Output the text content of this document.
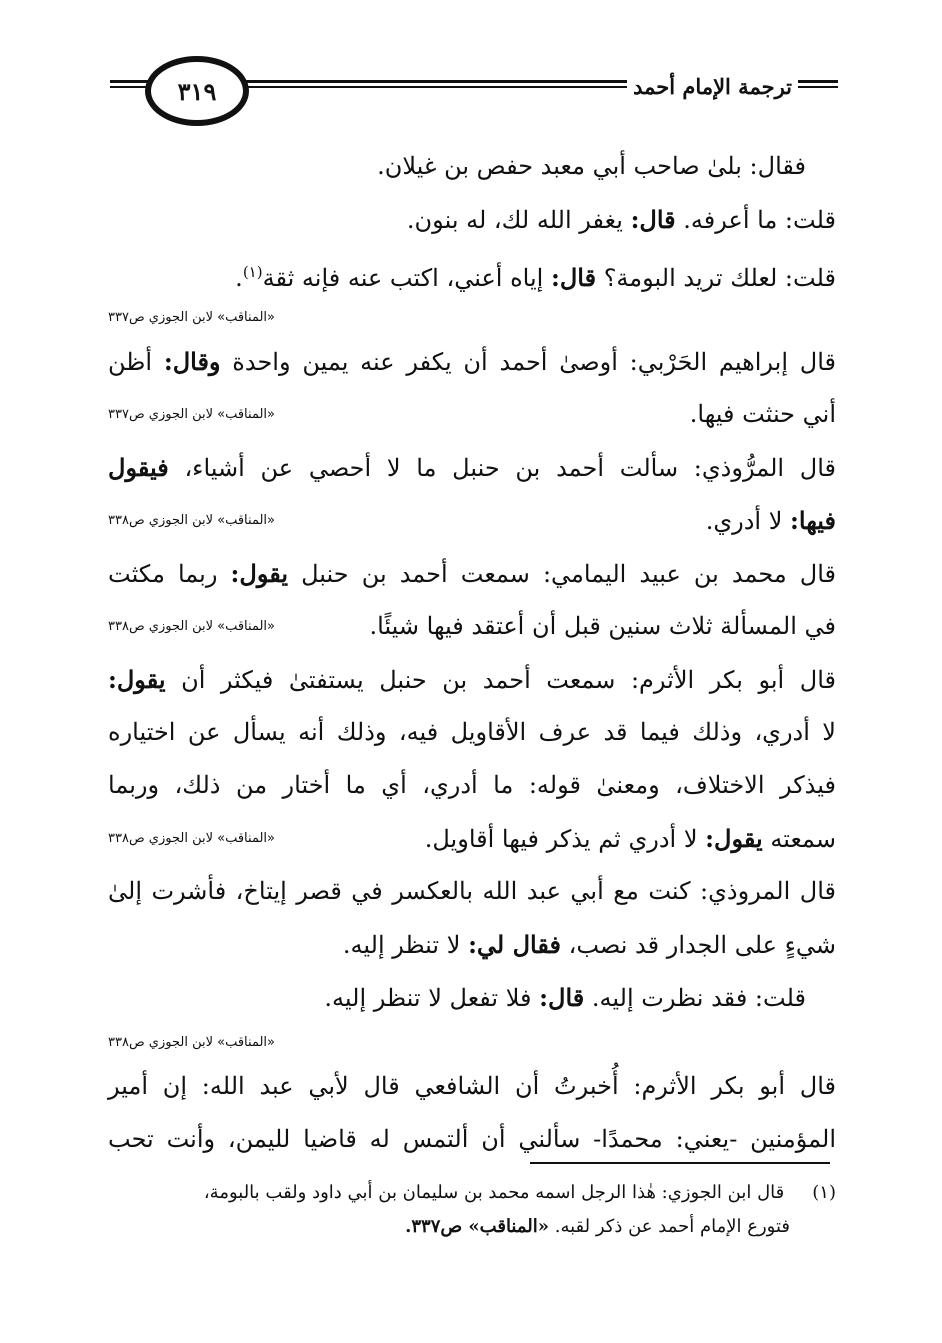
٣١٩	ترجمة الإمام أحمد
فقال: بلىٰ صاحب أبي معبد حفص بن غيلان.
قلت: ما أعرفه. قال: يغفر الله لك، له بنون.
قلت: لعلك تريد البومة؟ قال: إياه أعني، اكتب عنه فإنه ثقة$^{(١)}$.
«المناقب» لابن الجوزي ص٣٣٧
قال إبراهيم الحَرْبي: أوصىٰ أحمد أن يكفر عنه يمين واحدة وقال: أظن
أني حنثت فيها.
«المناقب» لابن الجوزي ص٣٣٧
قال المرُّوذي: سألت أحمد بن حنبل ما لا أحصي عن أشياء، فيقول
فيها: لا أدري.
«المناقب» لابن الجوزي ص٣٣٨
قال محمد بن عبيد اليمامي: سمعت أحمد بن حنبل يقول: ربما مكثت
في المسألة ثلاث سنين قبل أن أعتقد فيها شيئًا.
«المناقب» لابن الجوزي ص٣٣٨
قال أبو بكر الأثرم: سمعت أحمد بن حنبل يستفتىٰ فيكثر أن يقول:
لا أدري، وذلك فيما قد عرف الأقاويل فيه، وذلك أنه يسأل عن اختياره
فيذكر الاختلاف، ومعنىٰ قوله: ما أدري، أي ما أختار من ذلك، وربما
سمعته يقول: لا أدري ثم يذكر فيها أقاويل.
«المناقب» لابن الجوزي ص٣٣٨
قال المروذي: كنت مع أبي عبد الله بالعكسر في قصر إيتاخ، فأشرت إلىٰ
شيءٍ على الجدار قد نصب، فقال لي: لا تنظر إليه.
قلت: فقد نظرت إليه. قال: فلا تفعل لا تنظر إليه.
«المناقب» لابن الجوزي ص٣٣٨
قال أبو بكر الأثرم: أُخبرتُ أن الشافعي قال لأبي عبد الله: إن أمير
المؤمنين -يعني: محمدًا- سألني أن ألتمس له قاضيا لليمن، وأنت تحب
(١) قال ابن الجوزي: هٰذا الرجل اسمه محمد بن سليمان بن أبي داود ولقب بالبومة،
فتورع الإمام أحمد عن ذكر لقبه. «المناقب» ص٣٣٧.
